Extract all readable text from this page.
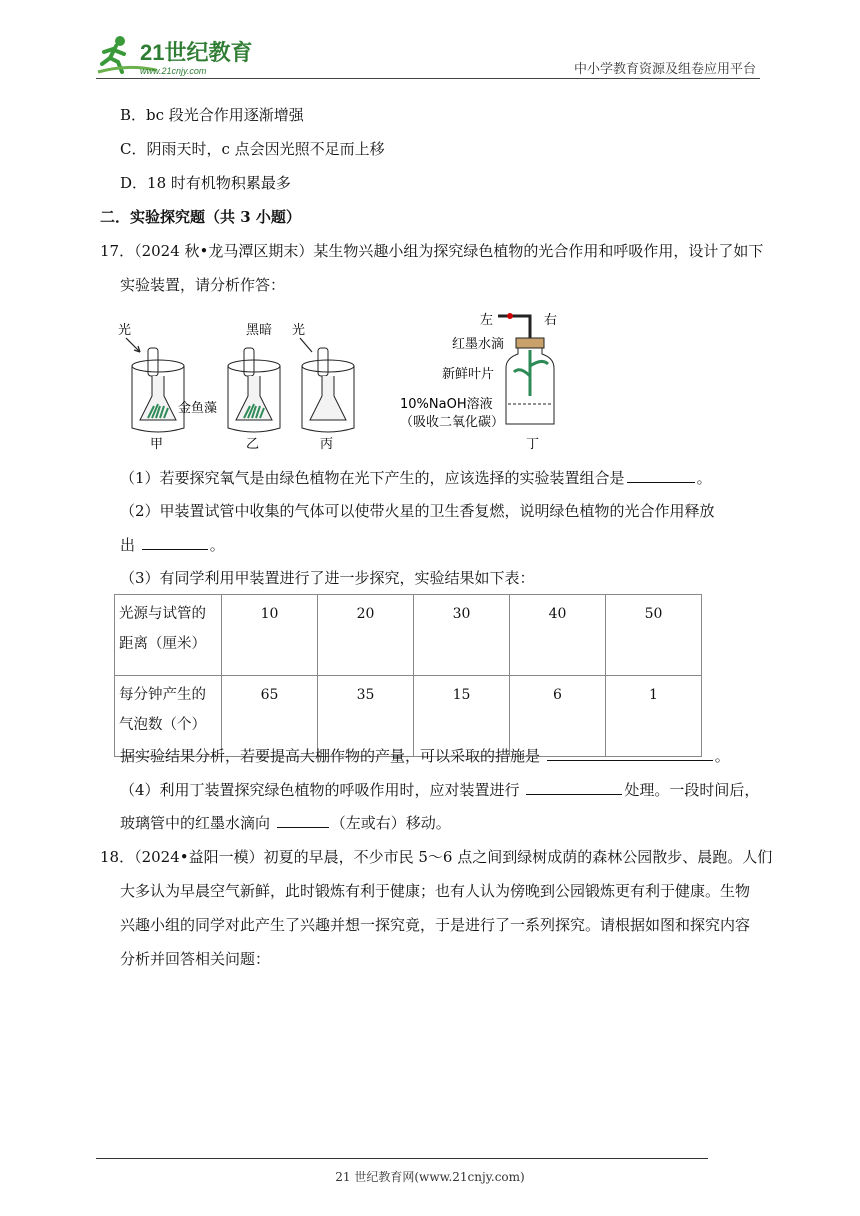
21世纪教育
www.21cnjy.com	中小学教育资源及组卷应用平台
B．bc 段光合作用逐渐增强
C．阴雨天时，c 点会因光照不足而上移
D．18 时有机物积累最多
二．实验探究题（共 3 小题）
17．（2024 秋•龙马潭区期末）某生物兴趣小组为探究绿色植物的光合作用和呼吸作用，设计了如下
实验装置，请分析作答：
光
甲
黑暗
乙
金鱼藻
光
丙
左	右
红墨水滴
新鲜叶片
10%NaOH溶液
（吸收二氧化碳）
丁
（1）若要探究氧气是由绿色植物在光下产生的，应该选择的实验装置组合是	。
（2）甲装置试管中收集的气体可以使带火星的卫生香复燃，说明绿色植物的光合作用释放
出	。
（3）有同学利用甲装置进行了进一步探究，实验结果如下表：
光源与试管的距离（厘米）	10	20	30	40	50
每分钟产生的气泡数（个）	65	35	15	6	1
据实验结果分析，若要提高大棚作物的产量，可以采取的措施是	。
（4）利用丁装置探究绿色植物的呼吸作用时，应对装置进行	处理。一段时间后，
玻璃管中的红墨水滴向	（左或右）移动。
18．（2024•益阳一模）初夏的早晨，不少市民 5～6 点之间到绿树成荫的森林公园散步、晨跑。人们
大多认为早晨空气新鲜，此时锻炼有利于健康；也有人认为傍晚到公园锻炼更有利于健康。生物
兴趣小组的同学对此产生了兴趣并想一探究竟，于是进行了一系列探究。请根据如图和探究内容
分析并回答相关问题：
21 世纪教育网(www.21cnjy.com)
